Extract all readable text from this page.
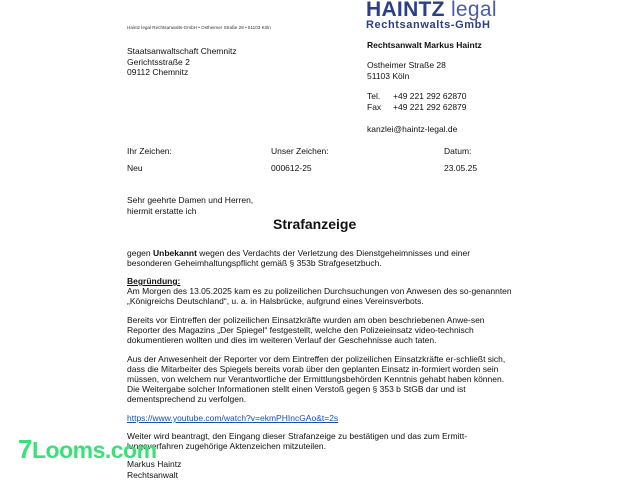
Haintz legal Rechtsanwalts-GmbH • Ostheimer Straße 28 • 51103 Köln
HAINTZ legal
Rechtsanwalts-GmbH
Staatsanwaltschaft Chemnitz
Gerichtsstraße 2
09112 Chemnitz
Rechtsanwalt Markus Haintz
Ostheimer Straße 28
51103 Köln
Tel. +49 221 292 62870
Fax +49 221 292 62879
kanzlei@haintz-legal.de
Ihr Zeichen:
Neu
Unser Zeichen:
000612-25
Datum:
23.05.25
Sehr geehrte Damen und Herren,
hiermit erstatte ich
Strafanzeige
gegen Unbekannt wegen des Verdachts der Verletzung des Dienstgeheimnisses und einer besonderen Geheimhaltungspflicht gemäß § 353b Strafgesetzbuch.
Begründung:
Am Morgen des 13.05.2025 kam es zu polizeilichen Durchsuchungen von Anwesen des so-genannten „Königreichs Deutschland“, u. a. in Halsbrücke, aufgrund eines Vereinsverbots.
Bereits vor Eintreffen der polizeilichen Einsatzkräfte wurden am oben beschriebenen Anwe-sen Reporter des Magazins „Der Spiegel“ festgestellt, welche den Polizeieinsatz video-technisch dokumentieren wollten und dies im weiteren Verlauf der Geschehnisse auch taten.
Aus der Anwesenheit der Reporter vor dem Eintreffen der polizeilichen Einsatzkräfte er-schließt sich, dass die Mitarbeiter des Spiegels bereits vorab über den geplanten Einsatz in-formiert worden sein müssen, von welchem nur Verantwortliche der Ermittlungsbehörden Kenntnis gehabt haben können. Die Weitergabe solcher Informationen stellt einen Verstoß gegen § 353 b StGB dar und ist dementsprechend zu verfolgen.
https://www.youtube.com/watch?v=ekmPHIncGAo&t=2s
Weiter wird beantragt, den Eingang dieser Strafanzeige zu bestätigen und das zum Ermitt-lungsverfahren zugehörige Aktenzeichen mitzuteilen.
Markus Haintz
Rechtsanwalt
7Looms.com
